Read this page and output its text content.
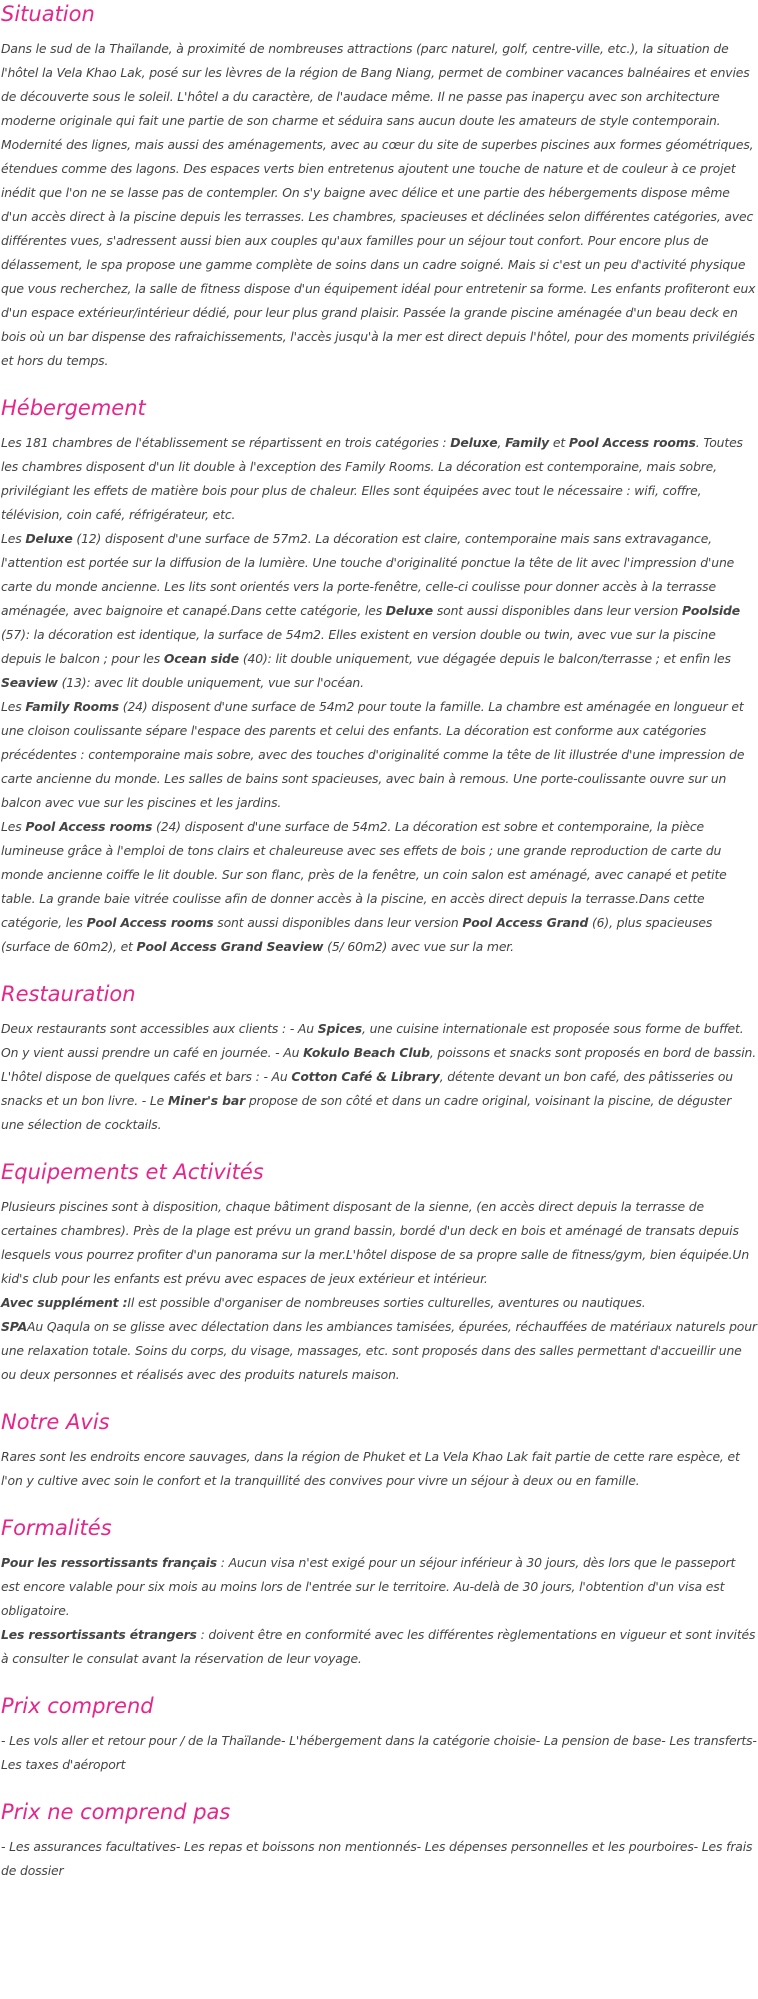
Situation

Dans le sud de la Thaïlande, à proximité de nombreuses attractions (parc naturel, golf, centre-ville, etc.), la situation de l'hôtel la Vela Khao Lak, posé sur les lèvres de la région de Bang Niang, permet de combiner vacances balnéaires et envies de découverte sous le soleil. L'hôtel a du caractère, de l'audace même. Il ne passe pas inaperçu avec son architecture moderne originale qui fait une partie de son charme et séduira sans aucun doute les amateurs de style contemporain. Modernité des lignes, mais aussi des aménagements, avec au cœur du site de superbes piscines aux formes géométriques, étendues comme des lagons. Des espaces verts bien entretenus ajoutent une touche de nature et de couleur à ce projet inédit que l'on ne se lasse pas de contempler. On s'y baigne avec délice et une partie des hébergements dispose même d'un accès direct à la piscine depuis les terrasses. Les chambres, spacieuses et déclinées selon différentes catégories, avec différentes vues, s'adressent aussi bien aux couples qu'aux familles pour un séjour tout confort. Pour encore plus de délassement, le spa propose une gamme complète de soins dans un cadre soigné. Mais si c'est un peu d'activité physique que vous recherchez, la salle de fitness dispose d'un équipement idéal pour entretenir sa forme. Les enfants profiteront eux d'un espace extérieur/intérieur dédié, pour leur plus grand plaisir. Passée la grande piscine aménagée d'un beau deck en bois où un bar dispense des rafraichissements, l'accès jusqu'à la mer est direct depuis l'hôtel, pour des moments privilégiés et hors du temps.

Hébergement

Les 181 chambres de l'établissement se répartissent en trois catégories : Deluxe, Family et Pool Access rooms. Toutes les chambres disposent d'un lit double à l'exception des Family Rooms. La décoration est contemporaine, mais sobre, privilégiant les effets de matière bois pour plus de chaleur. Elles sont équipées avec tout le nécessaire : wifi, coffre, télévision, coin café, réfrigérateur, etc.

Les Deluxe (12) disposent d'une surface de 57m2. La décoration est claire, contemporaine mais sans extravagance, l'attention est portée sur la diffusion de la lumière. Une touche d'originalité ponctue la tête de lit avec l'impression d'une carte du monde ancienne. Les lits sont orientés vers la porte-fenêtre, celle-ci coulisse pour donner accès à la terrasse aménagée, avec baignoire et canapé.Dans cette catégorie, les Deluxe sont aussi disponibles dans leur version Poolside (57): la décoration est identique, la surface de 54m2. Elles existent en version double ou twin, avec vue sur la piscine depuis le balcon ; pour les Ocean side (40): lit double uniquement, vue dégagée depuis le balcon/terrasse ; et enfin les Seaview (13): avec lit double uniquement, vue sur l'océan.

Les Family Rooms (24) disposent d'une surface de 54m2 pour toute la famille. La chambre est aménagée en longueur et une cloison coulissante sépare l'espace des parents et celui des enfants. La décoration est conforme aux catégories précédentes : contemporaine mais sobre, avec des touches d'originalité comme la tête de lit illustrée d'une impression de carte ancienne du monde. Les salles de bains sont spacieuses, avec bain à remous. Une porte-coulissante ouvre sur un balcon avec vue sur les piscines et les jardins.

Les Pool Access rooms (24) disposent d'une surface de 54m2. La décoration est sobre et contemporaine, la pièce lumineuse grâce à l'emploi de tons clairs et chaleureuse avec ses effets de bois ; une grande reproduction de carte du monde ancienne coiffe le lit double. Sur son flanc, près de la fenêtre, un coin salon est aménagé, avec canapé et petite table. La grande baie vitrée coulisse afin de donner accès à la piscine, en accès direct depuis la terrasse.Dans cette catégorie, les Pool Access rooms sont aussi disponibles dans leur version Pool Access Grand (6), plus spacieuses (surface de 60m2), et Pool Access Grand Seaview (5/ 60m2) avec vue sur la mer.

Restauration

Deux restaurants sont accessibles aux clients : - Au Spices, une cuisine internationale est proposée sous forme de buffet. On y vient aussi prendre un café en journée. - Au Kokulo Beach Club, poissons et snacks sont proposés en bord de bassin.

L'hôtel dispose de quelques cafés et bars : - Au Cotton Café & Library, détente devant un bon café, des pâtisseries ou snacks et un bon livre. - Le Miner's bar propose de son côté et dans un cadre original, voisinant la piscine, de déguster une sélection de cocktails.

Equipements et Activités

Plusieurs piscines sont à disposition, chaque bâtiment disposant de la sienne, (en accès direct depuis la terrasse de certaines chambres). Près de la plage est prévu un grand bassin, bordé d'un deck en bois et aménagé de transats depuis lesquels vous pourrez profiter d'un panorama sur la mer.L'hôtel dispose de sa propre salle de fitness/gym, bien équipée.Un kid's club pour les enfants est prévu avec espaces de jeux extérieur et intérieur.

Avec supplément :Il est possible d'organiser de nombreuses sorties culturelles, aventures ou nautiques.

SPAAu Qaqula on se glisse avec délectation dans les ambiances tamisées, épurées, réchauffées de matériaux naturels pour une relaxation totale. Soins du corps, du visage, massages, etc. sont proposés dans des salles permettant d'accueillir une ou deux personnes et réalisés avec des produits naturels maison.

Notre Avis

Rares sont les endroits encore sauvages, dans la région de Phuket et La Vela Khao Lak fait partie de cette rare espèce, et l'on y cultive avec soin le confort et la tranquillité des convives pour vivre un séjour à deux ou en famille.

Formalités

Pour les ressortissants français : Aucun visa n'est exigé pour un séjour inférieur à 30 jours, dès lors que le passeport est encore valable pour six mois au moins lors de l'entrée sur le territoire. Au-delà de 30 jours, l'obtention d'un visa est obligatoire.

Les ressortissants étrangers : doivent être en conformité avec les différentes règlementations en vigueur et sont invités à consulter le consulat avant la réservation de leur voyage.

Prix comprend

- Les vols aller et retour pour / de la Thaïlande- L'hébergement dans la catégorie choisie- La pension de base- Les transferts- Les taxes d'aéroport

Prix ne comprend pas

- Les assurances facultatives- Les repas et boissons non mentionnés- Les dépenses personnelles et les pourboires- Les frais de dossier
